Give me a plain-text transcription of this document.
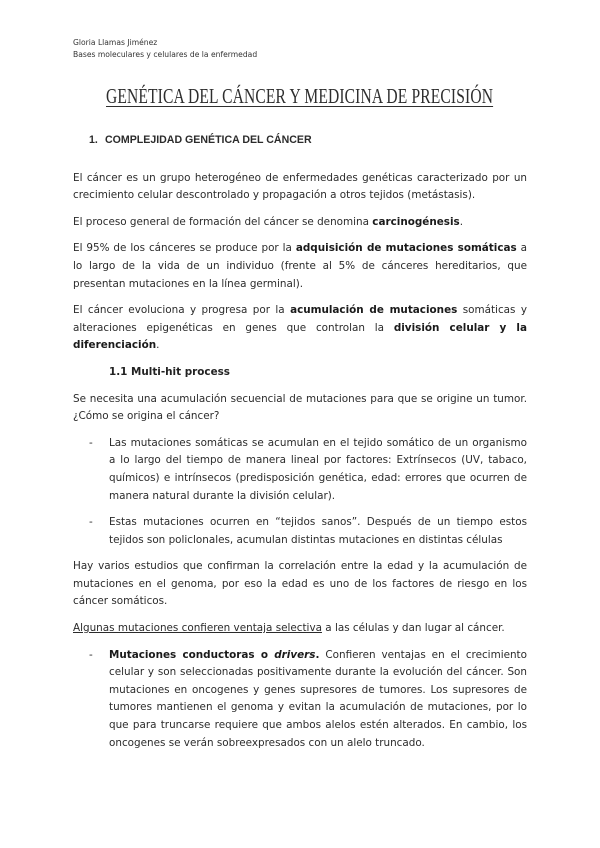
Gloria Llamas Jiménez
Bases moleculares y celulares de la enfermedad
GENÉTICA DEL CÁNCER Y MEDICINA DE PRECISIÓN
1. COMPLEJIDAD GENÉTICA DEL CÁNCER

El cáncer es un grupo heterogéneo de enfermedades genéticas caracterizado por un crecimiento celular descontrolado y propagación a otros tejidos (metástasis).

El proceso general de formación del cáncer se denomina carcinogénesis.

El 95% de los cánceres se produce por la adquisición de mutaciones somáticas a lo largo de la vida de un individuo (frente al 5% de cánceres hereditarios, que presentan mutaciones en la línea germinal).

El cáncer evoluciona y progresa por la acumulación de mutaciones somáticas y alteraciones epigenéticas en genes que controlan la división celular y la diferenciación.

1.1 Multi-hit process

Se necesita una acumulación secuencial de mutaciones para que se origine un tumor. ¿Cómo se origina el cáncer?

-	Las mutaciones somáticas se acumulan en el tejido somático de un organismo a lo largo del tiempo de manera lineal por factores: Extrínsecos (UV, tabaco, químicos) e intrínsecos (predisposición genética, edad: errores que ocurren de manera natural durante la división celular).
-	Estas mutaciones ocurren en “tejidos sanos”. Después de un tiempo estos tejidos son policlonales, acumulan distintas mutaciones en distintas células

Hay varios estudios que confirman la correlación entre la edad y la acumulación de mutaciones en el genoma, por eso la edad es uno de los factores de riesgo en los cáncer somáticos.

Algunas mutaciones confieren ventaja selectiva a las células y dan lugar al cáncer.

-	Mutaciones conductoras o drivers. Confieren ventajas en el crecimiento celular y son seleccionadas positivamente durante la evolución del cáncer. Son mutaciones en oncogenes y genes supresores de tumores. Los supresores de tumores mantienen el genoma y evitan la acumulación de mutaciones, por lo que para truncarse requiere que ambos alelos estén alterados. En cambio, los oncogenes se verán sobreexpresados con un alelo truncado.
